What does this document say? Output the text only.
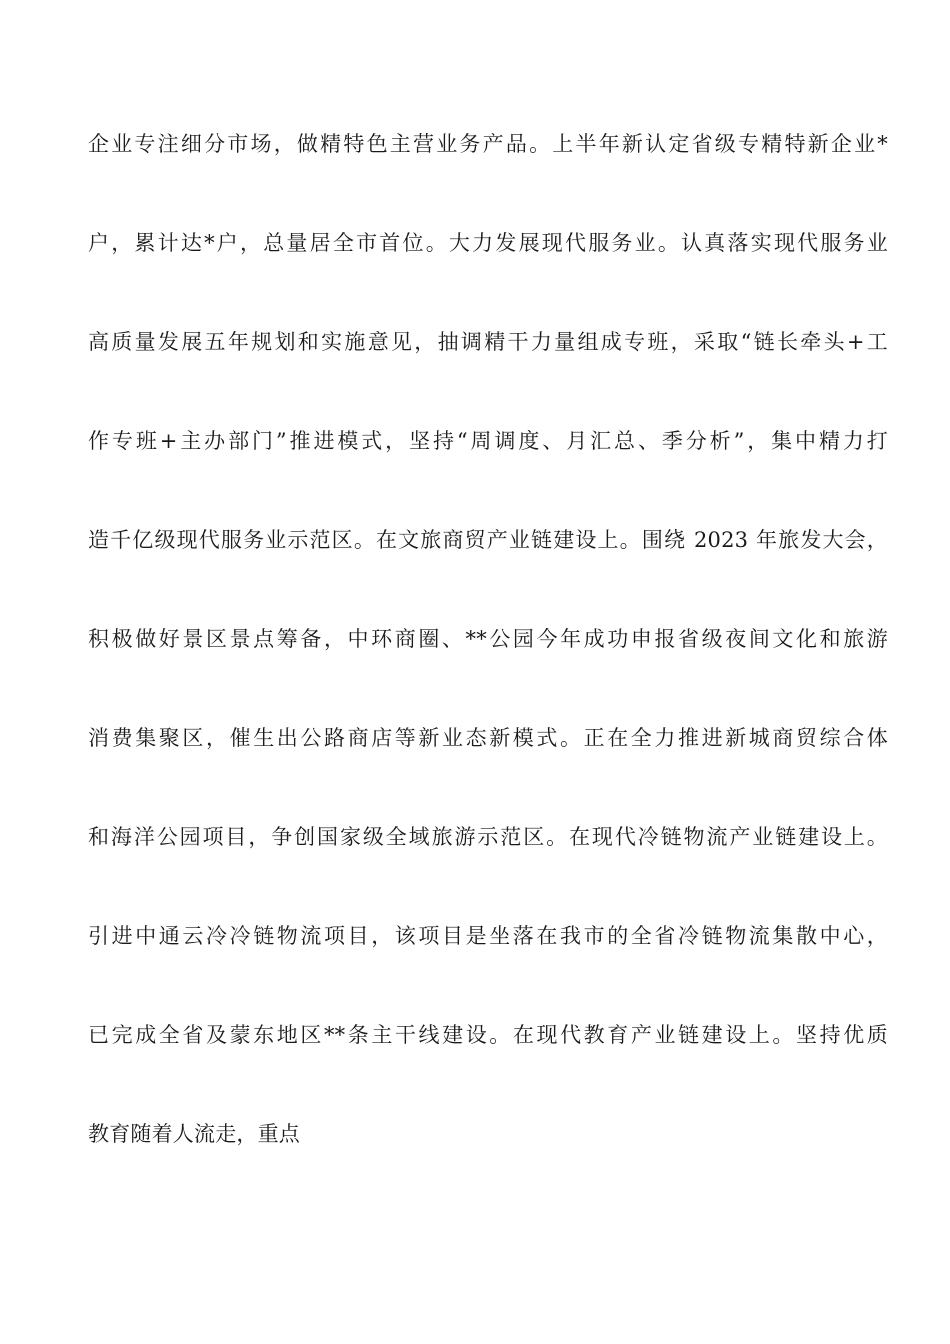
企业专注细分市场，做精特色主营业务产品。上半年新认定省级专精特新企业*
户，累计达*户，总量居全市首位。大力发展现代服务业。认真落实现代服务业
高质量发展五年规划和实施意见，抽调精干力量组成专班，采取“链长牵头+工
作专班+主办部门”推进模式，坚持“周调度、月汇总、季分析”，集中精力打
造千亿级现代服务业示范区。在文旅商贸产业链建设上。围绕 2023 年旅发大会，
积极做好景区景点筹备，中环商圈、**公园今年成功申报省级夜间文化和旅游
消费集聚区，催生出公路商店等新业态新模式。正在全力推进新城商贸综合体
和海洋公园项目，争创国家级全域旅游示范区。在现代冷链物流产业链建设上。
引进中通云冷冷链物流项目，该项目是坐落在我市的全省冷链物流集散中心，
已完成全省及蒙东地区**条主干线建设。在现代教育产业链建设上。坚持优质
教育随着人流走，重点
